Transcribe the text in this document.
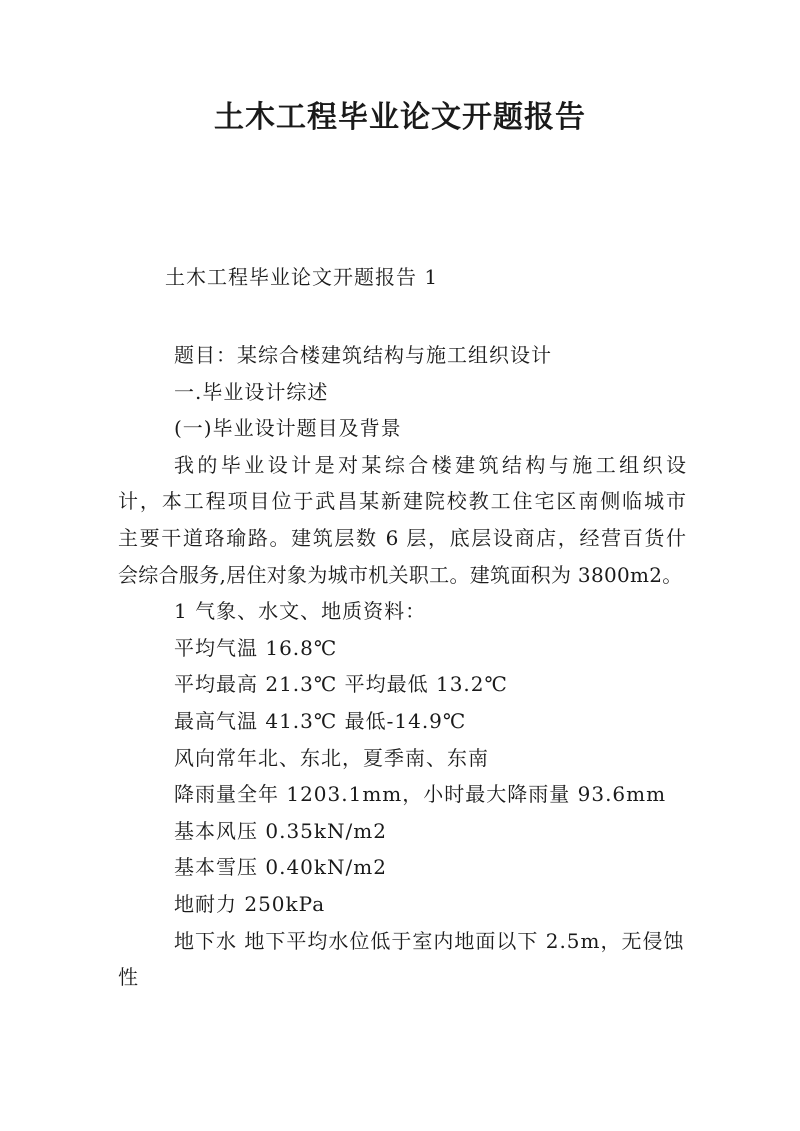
土木工程毕业论文开题报告
土木工程毕业论文开题报告 1
题目：某综合楼建筑结构与施工组织设计
一.毕业设计综述
(一)毕业设计题目及背景
我的毕业设计是对某综合楼建筑结构与施工组织设
计，本工程项目位于武昌某新建院校教工住宅区南侧临城市
主要干道珞瑜路。建筑层数 6 层，底层设商店，经营百货什
会综合服务,居住对象为城市机关职工。建筑面积为 3800m2。
1 气象、水文、地质资料：
平均气温 16.8℃
平均最高 21.3℃ 平均最低 13.2℃
最高气温 41.3℃ 最低-14.9℃
风向常年北、东北，夏季南、东南
降雨量全年 1203.1mm，小时最大降雨量 93.6mm
基本风压 0.35kN/m2
基本雪压 0.40kN/m2
地耐力 250kPa
地下水 地下平均水位低于室内地面以下 2.5m，无侵蚀
性
